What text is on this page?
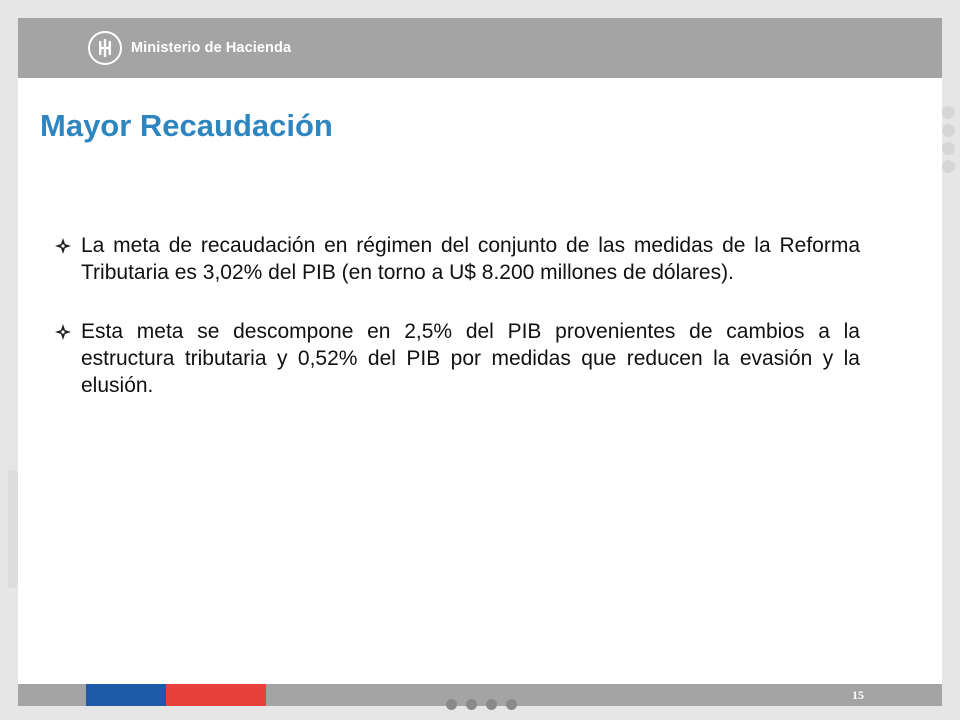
Ministerio de Hacienda
Mayor Recaudación

La meta de recaudación en régimen del conjunto de las medidas de la Reforma Tributaria es 3,02% del PIB (en torno a U$ 8.200 millones de dólares).

Esta meta se descompone en 2,5% del PIB provenientes de cambios a la estructura tributaria y 0,52% del PIB por medidas que reducen la evasión y la elusión.

15
